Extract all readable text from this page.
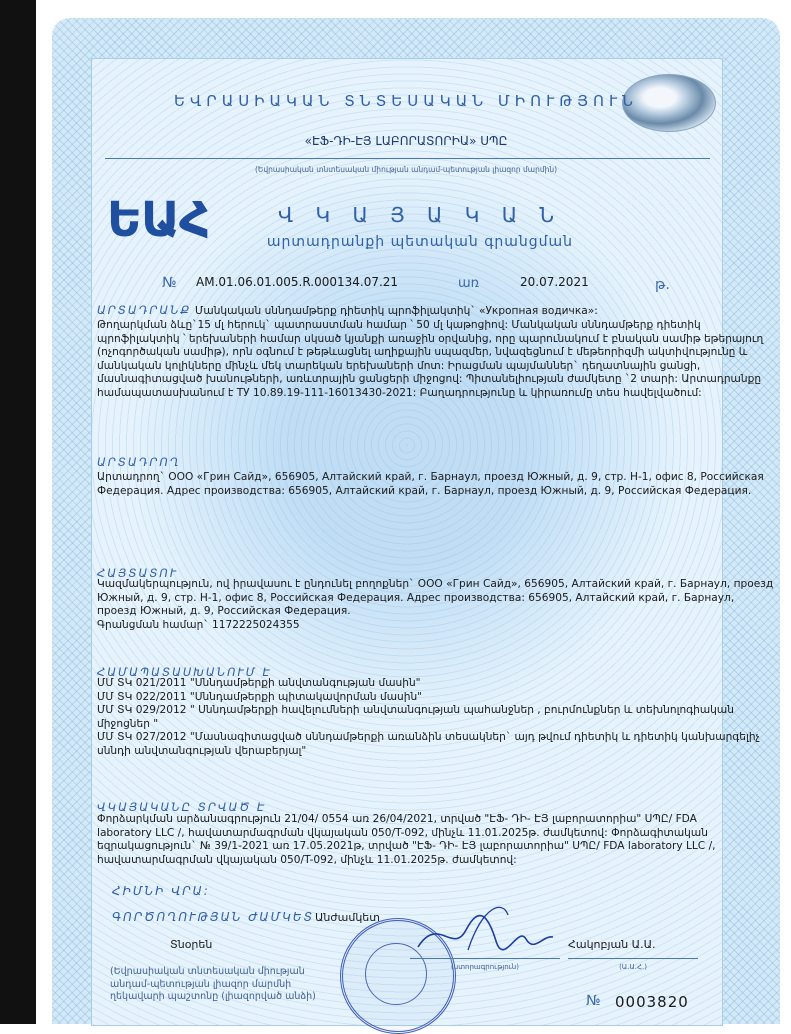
ԵՎՐԱՍԻԱԿԱՆ ՏՆՏԵՍԱԿԱՆ ՄԻՈՒԹՅՈՒՆ
«ԷՖ-ԴԻ-ԷՅ ԼԱԲՈՐԱՏՈՐԻԱ» ՍՊԸ
(Եվրասիական տնտեսական միության անդամ-պետության լիազոր մարմին)
ԵԱՀ	Վ Կ Ա Յ Ա Կ Ա Ն
արտադրանքի պետական գրանցման
№ AM.01.06.01.005.R.000134.07.21	առ	20.07.2021	թ.
ԱՐՏԱԴՐԱՆՔ Մանկական սննդամթերք դիետիկ պրոֆիլակտիկ` «Укропная водичка»:
Թողարկման ձևը`15 մլ հերուկ` պատրաստման համար ՝ 50 մլ կաթոցիով: Մանկական սննդամթերք դիետիկ
պրոֆիլակտիկ ՝ երեխաների համար սկսած կյանքի առաջին օրվանից, որը պարունակում է բնական սամիթ եթերայուղ
(ոչոգործական սամիթ), որն օգնում է թեթևացնել աղիքային սպազմեր, նվազեցնում է մեթեորիզմի ակտիվությունը և
մանկական կոլիկները մինչև մեկ տարեկան երեխաների մոտ: Իրացման պայմաններ` դեղատնային ցանցի,
մասնագիտացված խանութների, առևտրային ցանցերի միջոցով: Պիտանելիության ժամկետը `2 տարի: Արտադրանքը
համապատասխանում է ТУ 10.89.19-111-16013430-2021: Բաղադրությունը և կիրառումը տես հավելվածում:
ԱՐՏԱԴՐՈՂ
Արտադրող` ООО «Грин Сайд», 656905, Алтайский край, г. Барнаул, проезд Южный, д. 9, стр. Н-1, офис 8, Российская
Федерация. Адрес производства: 656905, Алтайский край, г. Барнаул, проезд Южный, д. 9, Российская Федерация.
ՀԱՅՏԱՏՈՒ
Կազմակերպություն, ով իրավասու է ընդունել բողոքներ` ООО «Грин Сайд», 656905, Алтайский край, г. Барнаул, проезд
Южный, д. 9, стр. Н-1, офис 8, Российская Федерация. Адрес производства: 656905, Алтайский край, г. Барнаул,
проезд Южный, д. 9, Российская Федерация.
Գրանցման համար` 1172225024355
ՀԱՄԱՊԱՏԱՍԽԱՆՈՒՄ Է
ՄՄ ՏԿ 021/2011 "Սննդամթերքի անվտանգության մասին"
ՄՄ ՏԿ 022/2011 "Սննդամթերքի պիտակավորման մասին"
ՄՄ ՏԿ 029/2012 " Սննդամթերքի հավելումների անվտանգության պահանջներ , բուրմունքներ և տեխնոլոգիական
միջոցներ "
ՄՄ ՏԿ 027/2012 "Մասնագիտացված սննդամթերքի առանձին տեսակներ` այդ թվում դիետիկ և դիետիկ կանխարգելիչ
սննդի անվտանգության վերաբերյալ"
ՎԿԱՅԱԿԱՆԸ ՏՐՎԱԾ Է
Փորձարկման արձանագրություն 21/04/ 0554 առ 26/04/2021, տրված "ԷՖ- ԴԻ- ԷՅ լաբորատորիա" ՍՊԸ/ FDA
laboratory LLC /, հավատարմագրման վկայական 050/T-092, մինչև 11.01.2025թ. ժամկետով: Փորձագիտական
եզրակացություն` № 39/1-2021 առ 17.05.2021թ, տրված "ԷՖ- ԴԻ- ԷՅ լաբորատորիա" ՍՊԸ/ FDA laboratory LLC /,
հավատարմագրման վկայական 050/T-092, մինչև 11.01.2025թ. ժամկետով:
ՀԻՄՆԻ ՎՐԱ:
ԳՈՐԾՈՂՈՒԹՅԱՆ ԺԱՄԿԵՏ Անժամկետ
Տնօրեն	Հակոբյան Ա.Ա.
(ստորագրություն)	(Ա.Ա.Հ.)
(Եվրասիական տնտեսական միության
անդամ-պետության լիազոր մարմնի
ղեկավարի պաշտոնը (լիազորված անձի)	№ 0003820
